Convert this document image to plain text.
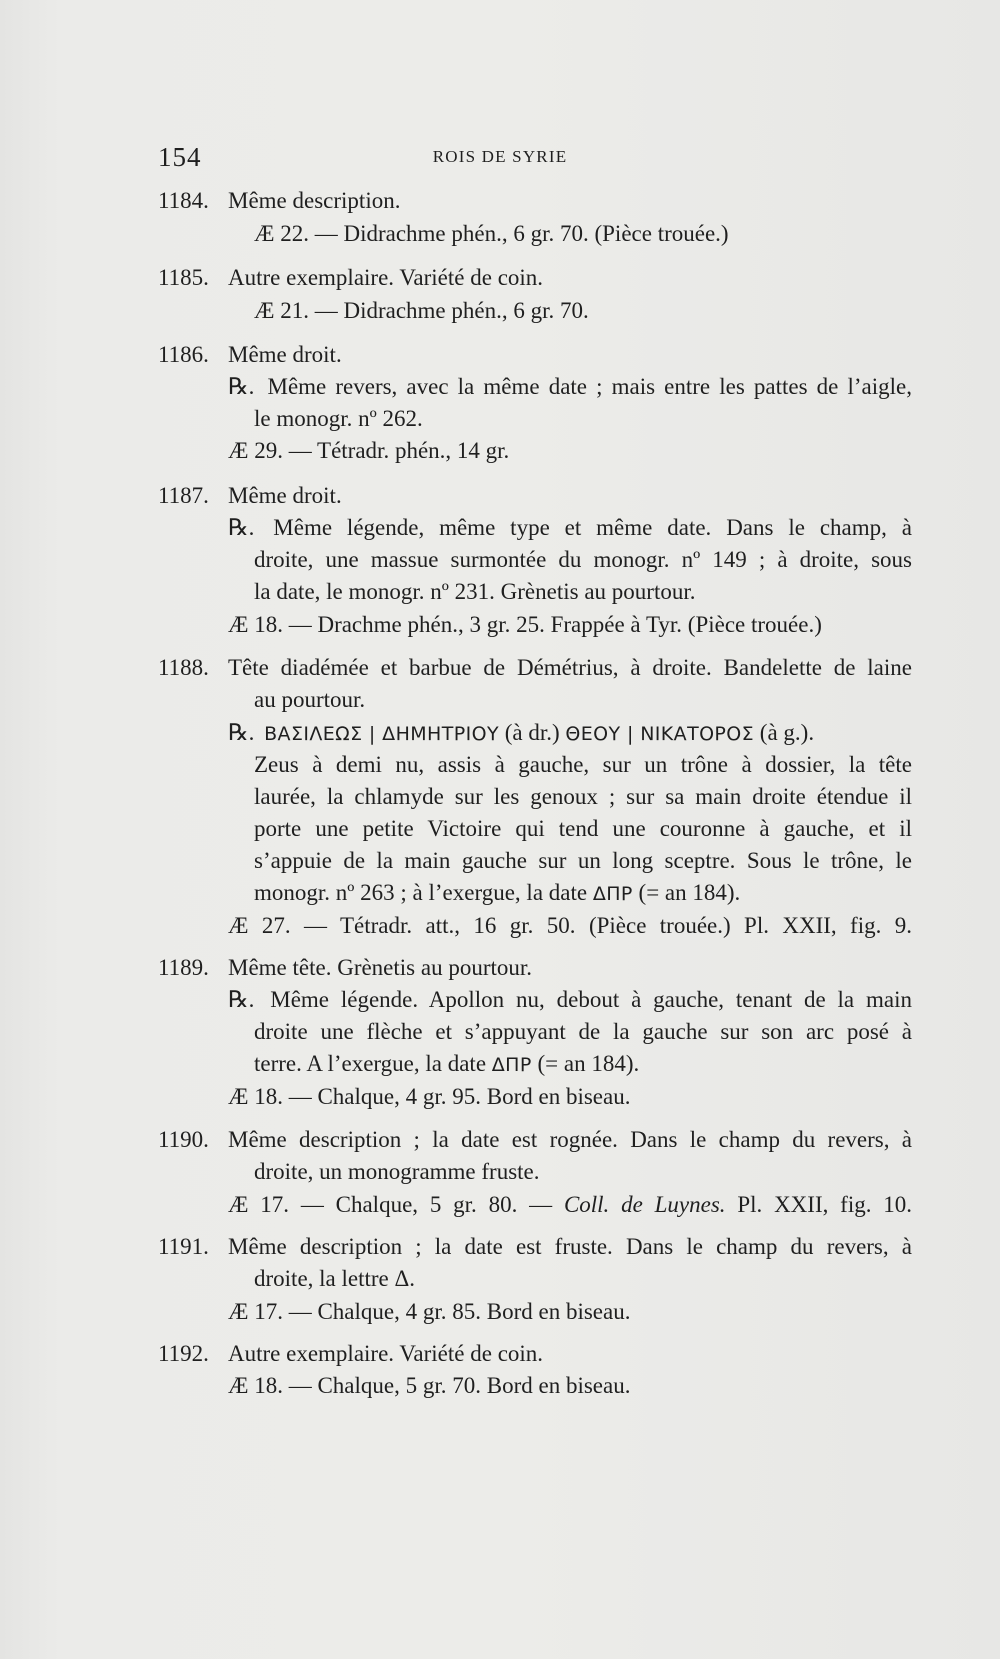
154	ROIS DE SYRIE
1184. Même description.
Æ 22. — Didrachme phén., 6 gr. 70. (Pièce trouée.)
1185. Autre exemplaire. Variété de coin.
Æ 21. — Didrachme phén., 6 gr. 70.
1186. Même droit.
℞. Même revers, avec la même date ; mais entre les pattes de l’aigle,
le monogr. nº 262.
Æ 29. — Tétradr. phén., 14 gr.
1187. Même droit.
℞. Même légende, même type et même date. Dans le champ, à
droite, une massue surmontée du monogr. nº 149 ; à droite, sous
la date, le monogr. nº 231. Grènetis au pourtour.
Æ 18. — Drachme phén., 3 gr. 25. Frappée à Tyr. (Pièce trouée.)
1188. Tête diadémée et barbue de Démétrius, à droite. Bandelette de laine
au pourtour.
℞. ΒΑΣΙΛΕΩΣ | ΔΗΜΗΤΡΙΟΥ (à dr.) ΘΕΟΥ | ΝΙΚΑΤΟΡΟΣ (à g.).
Zeus à demi nu, assis à gauche, sur un trône à dossier, la tête
laurée, la chlamyde sur les genoux ; sur sa main droite étendue il
porte une petite Victoire qui tend une couronne à gauche, et il
s’appuie de la main gauche sur un long sceptre. Sous le trône, le
monogr. nº 263 ; à l’exergue, la date ΔΠΡ (= an 184).
Æ 27. — Tétradr. att., 16 gr. 50. (Pièce trouée.) Pl. XXII, fig. 9.
1189. Même tête. Grènetis au pourtour.
℞. Même légende. Apollon nu, debout à gauche, tenant de la main
droite une flèche et s’appuyant de la gauche sur son arc posé à
terre. A l’exergue, la date ΔΠΡ (= an 184).
Æ 18. — Chalque, 4 gr. 95. Bord en biseau.
1190. Même description ; la date est rognée. Dans le champ du revers, à
droite, un monogramme fruste.
Æ 17. — Chalque, 5 gr. 80. — Coll. de Luynes. Pl. XXII, fig. 10.
1191. Même description ; la date est fruste. Dans le champ du revers, à
droite, la lettre Δ.
Æ 17. — Chalque, 4 gr. 85. Bord en biseau.
1192. Autre exemplaire. Variété de coin.
Æ 18. — Chalque, 5 gr. 70. Bord en biseau.
